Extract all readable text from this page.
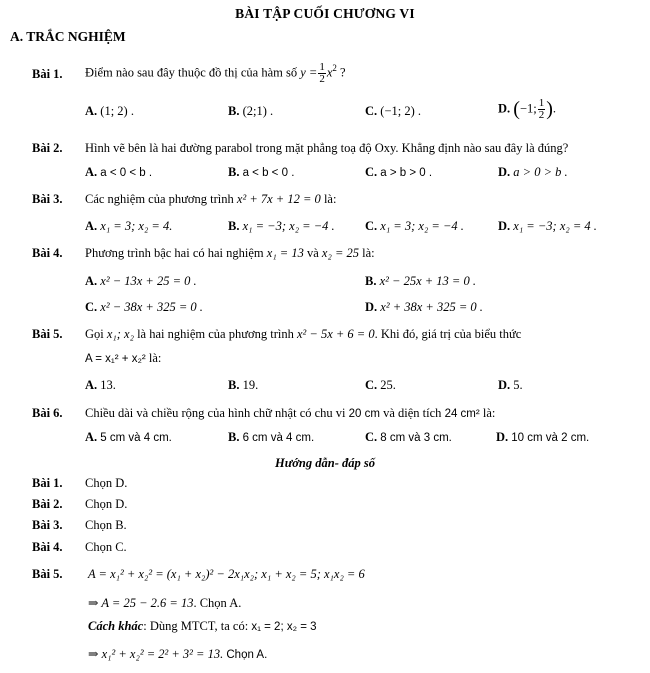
BÀI TẬP CUỐI CHƯƠNG VI
A. TRẮC NGHIỆM
Bài 1. Điểm nào sau đây thuộc đồ thị của hàm số $y = \frac{1}{2} x^2$ ?
A. (1; 2) .	B. (2;1) .	C. (−1; 2) .	D. (−1; $\frac{1}{2}$ ).
Bài 2. Hình vẽ bên là hai đường parabol trong mặt phẳng toạ độ Oxy. Khẳng định nào sau đây là đúng?
A. a < 0 < b .	B. a < b < 0 .	C. a > b > 0 .	D. a > 0 > b .
Bài 3. Các nghiệm của phương trình x² + 7x + 12 = 0 là:
A. x₁ = 3; x₂ = 4.	B. x₁ = −3; x₂ = −4 . C. x₁ = 3; x₂ = −4 .	D. x₁ = −3; x₂ = 4 .
Bài 4. Phương trình bậc hai có hai nghiệm x₁ = 13 và x₂ = 25 là:
A. x² − 13x + 25 = 0 .	B. x² − 25x + 13 = 0 .
C. x² − 38x + 325 = 0 .	D. x² + 38x + 325 = 0 .
Bài 5. Gọi x₁; x₂ là hai nghiệm của phương trình x² − 5x + 6 = 0. Khi đó, giá trị của biểu thức
A = x₁² + x₂² là:
A. 13.	B. 19.	C. 25.	D. 5.
Bài 6. Chiều dài và chiều rộng của hình chữ nhật có chu vi 20 cm và diện tích 24 cm² là:
A. 5 cm và 4 cm.	B. 6 cm và 4 cm.	C. 8 cm và 3 cm.	D. 10 cm và 2 cm.
Hướng dẫn- đáp số
Bài 1. Chọn D.
Bài 2. Chọn D.
Bài 3. Chọn B.
Bài 4. Chọn C.
Bài 5. A = x₁² + x₂² = (x₁ + x₂)² − 2x₁x₂; x₁ + x₂ = 5; x₁x₂ = 6
⇒ A = 25 − 2.6 = 13. Chọn A.
Cách khác: Dùng MTCT, ta có: x₁ = 2; x₂ = 3
⇒ x₁² + x₂² = 2² + 3² = 13. Chọn A.
